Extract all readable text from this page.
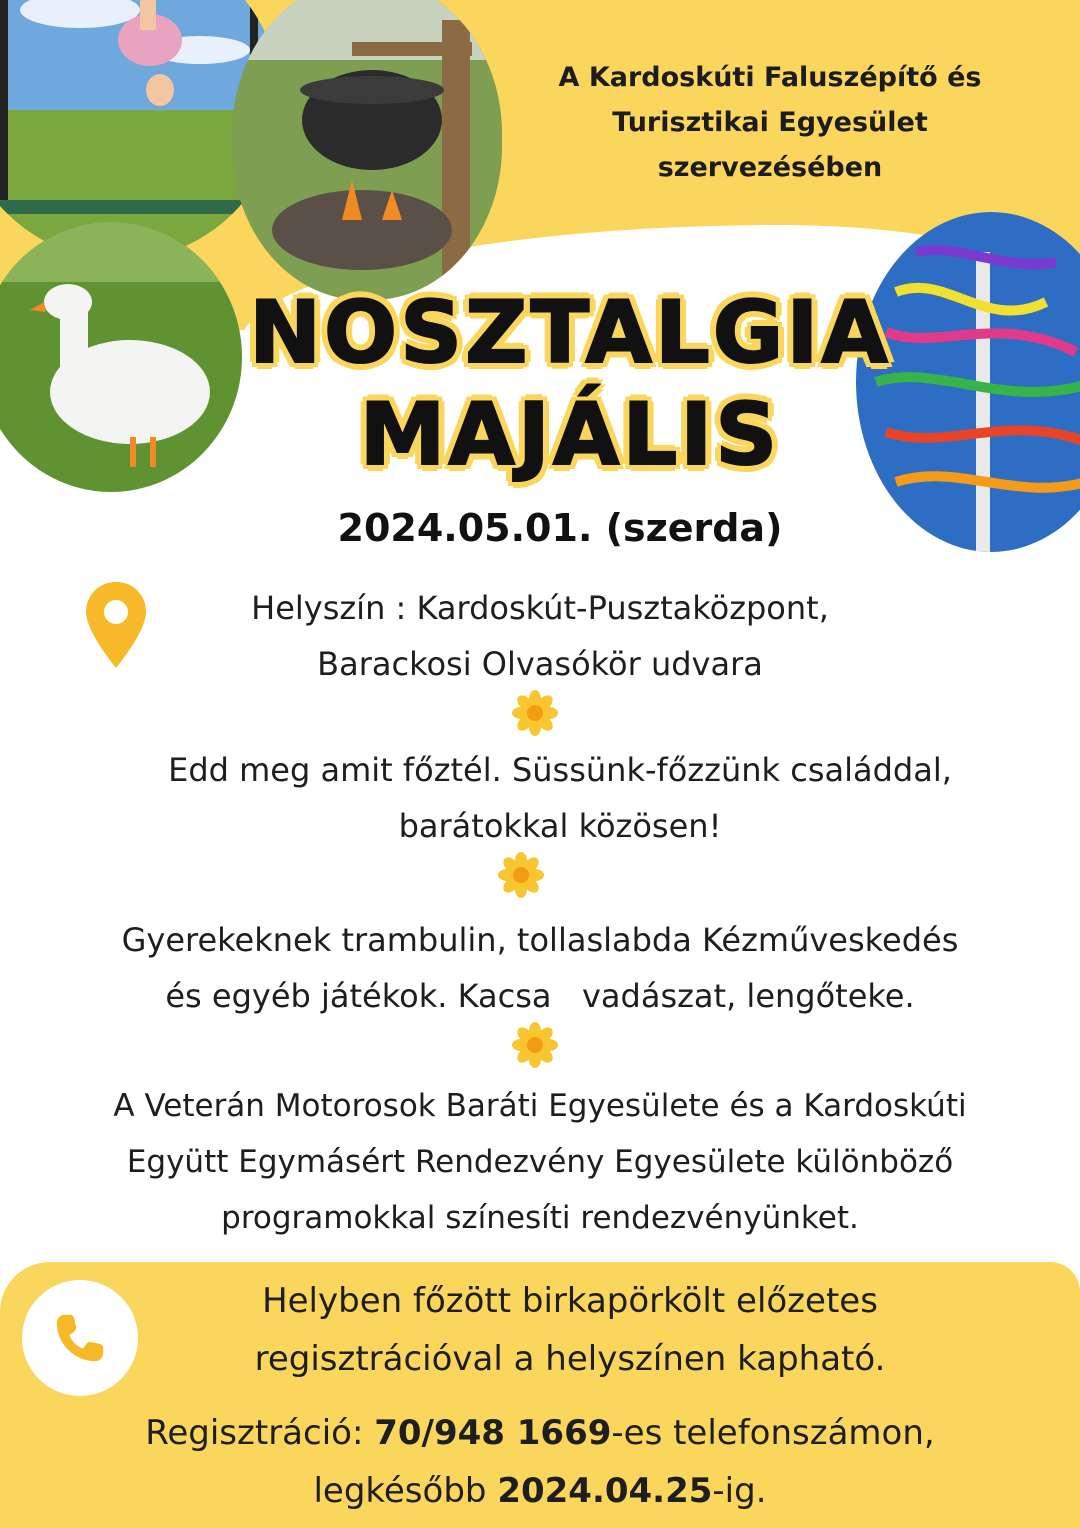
A Kardoskúti Faluszépítő és
Turisztikai Egyesület
szervezésében
NOSZTALGIA
MAJÁLIS
2024.05.01. (szerda)
Helyszín : Kardoskút-Pusztaközpont,
Barackosi Olvasókör udvara
Edd meg amit főztél. Süssünk-főzzünk családdal,
barátokkal közösen!
Gyerekeknek trambulin, tollaslabda Kézműveskedés
és egyéb játékok. Kacsa   vadászat, lengőteke.
A Veterán Motorosok Baráti Egyesülete és a Kardoskúti
Együtt Egymásért Rendezvény Egyesülete különböző
programokkal színesíti rendezvényünket.
Helyben főzött birkapörkölt előzetes
regisztrációval a helyszínen kapható.
Regisztráció: 70/948 1669-es telefonszámon,
legkésőbb 2024.04.25-ig.
